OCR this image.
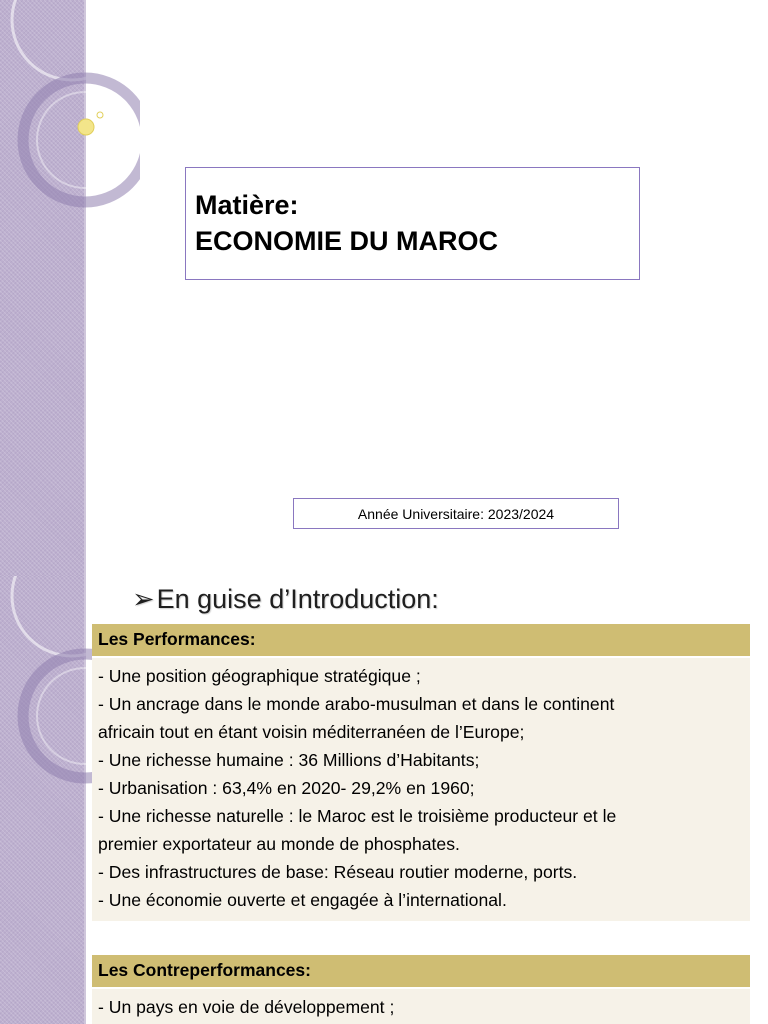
Matière:
ECONOMIE DU MAROC
Année Universitaire: 2023/2024
➢En guise d’Introduction:
Les Performances:
- Une position géographique stratégique ;
- Un ancrage dans le monde arabo-musulman et dans le continent
africain tout en étant voisin méditerranéen de l’Europe;
- Une richesse humaine : 36 Millions d’Habitants;
- Urbanisation : 63,4% en 2020- 29,2% en 1960;
- Une richesse naturelle : le Maroc est le troisième producteur et le
premier exportateur au monde de phosphates.
- Des infrastructures de base: Réseau routier moderne, ports.
- Une économie ouverte et engagée à l’international.
Les Contreperformances:
- Un pays en voie de développement ;
